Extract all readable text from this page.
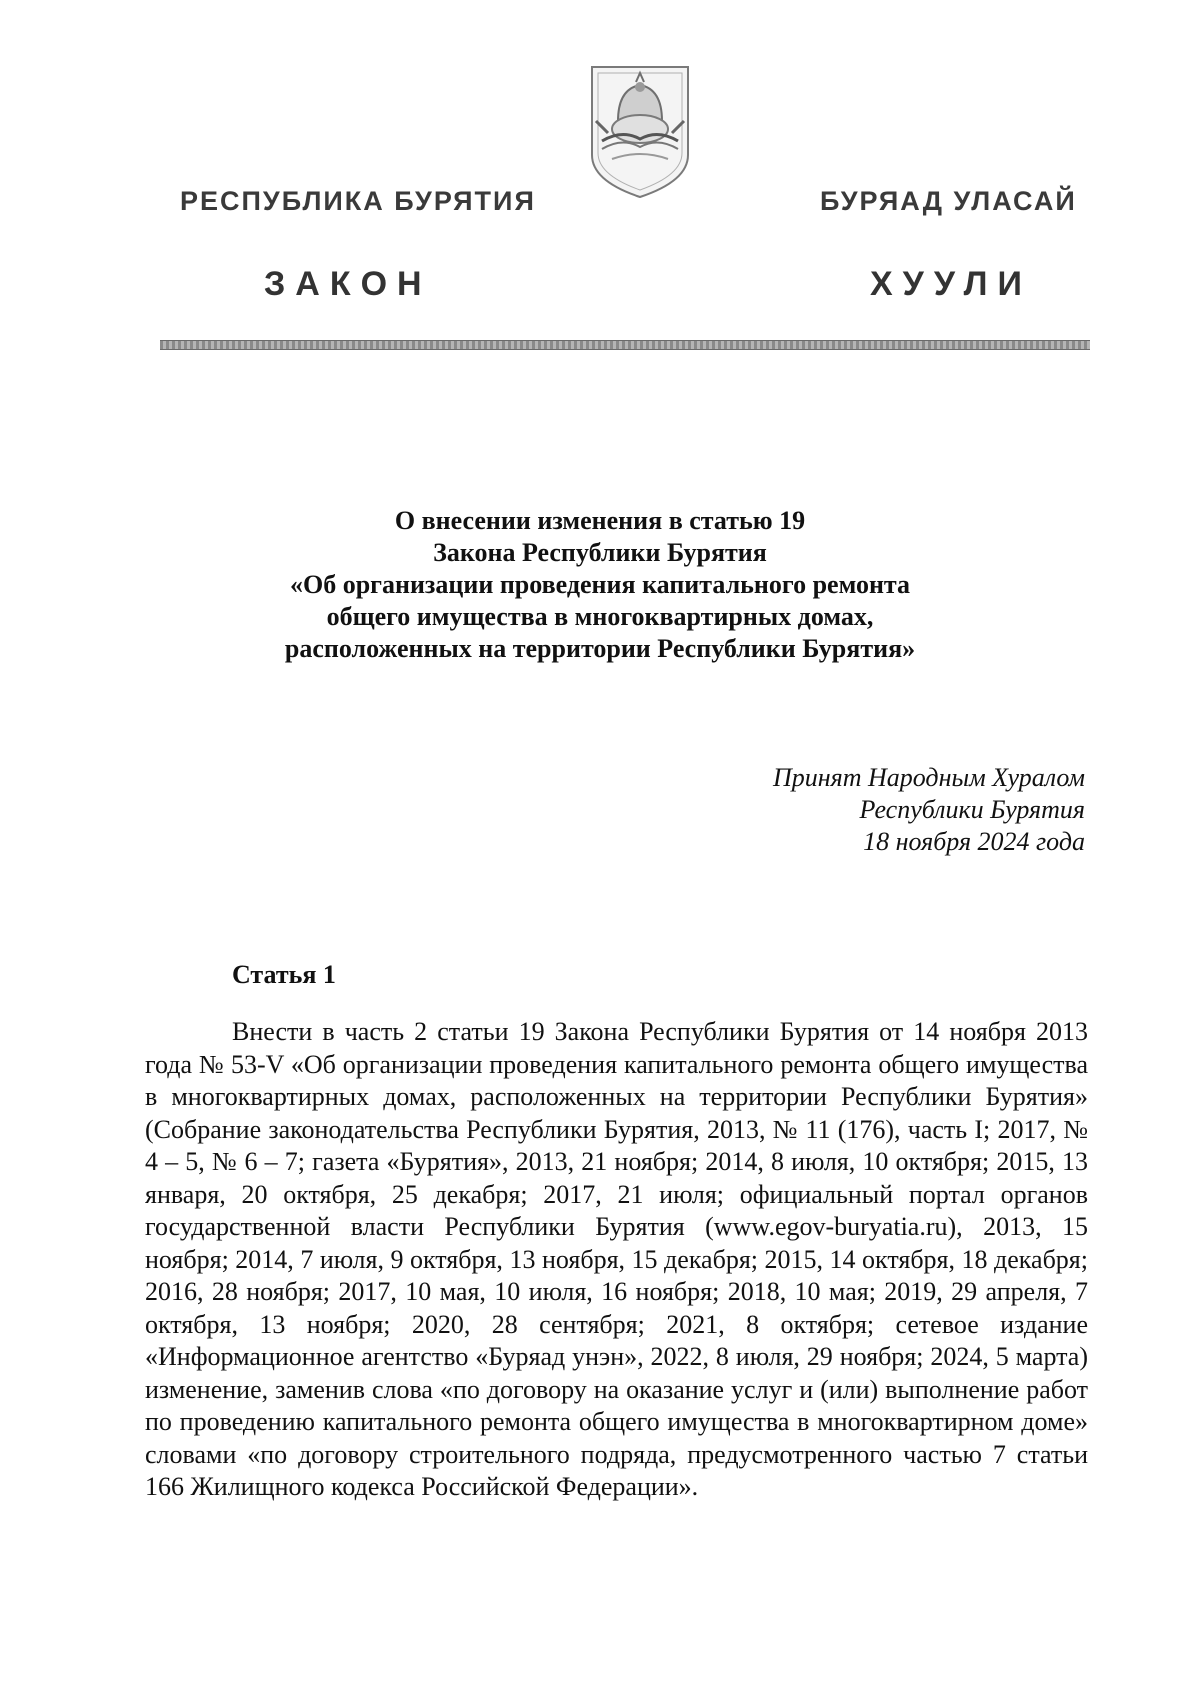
РЕСПУБЛИКА БУРЯТИЯ	БУРЯАД УЛАСАЙ
ЗАКОН	ХУУЛИ
О внесении изменения в статью 19
Закона Республики Бурятия
«Об организации проведения капитального ремонта
общего имущества в многоквартирных домах,
расположенных на территории Республики Бурятия»
Принят Народным Хуралом
Республики Бурятия
18 ноября 2024 года
Статья 1

Внести в часть 2 статьи 19 Закона Республики Бурятия от 14 ноября 2013 года № 53-V «Об организации проведения капитального ремонта общего имущества в многоквартирных домах, расположенных на территории Республики Бурятия» (Собрание законодательства Республики Бурятия, 2013, № 11 (176), часть I; 2017, № 4 – 5, № 6 – 7; газета «Бурятия», 2013, 21 ноября; 2014, 8 июля, 10 октября; 2015, 13 января, 20 октября, 25 декабря; 2017, 21 июля; официальный портал органов государственной власти Республики Бурятия (www.egov-buryatia.ru), 2013, 15 ноября; 2014, 7 июля, 9 октября, 13 ноября, 15 декабря; 2015, 14 октября, 18 декабря; 2016, 28 ноября; 2017, 10 мая, 10 июля, 16 ноября; 2018, 10 мая; 2019, 29 апреля, 7 октября, 13 ноября; 2020, 28 сентября; 2021, 8 октября; сетевое издание «Информационное агентство «Буряад унэн», 2022, 8 июля, 29 ноября; 2024, 5 марта) изменение, заменив слова «по договору на оказание услуг и (или) выполнение работ по проведению капитального ремонта общего имущества в многоквартирном доме» словами «по договору строительного подряда, предусмотренного частью 7 статьи 166 Жилищного кодекса Российской Федерации».
